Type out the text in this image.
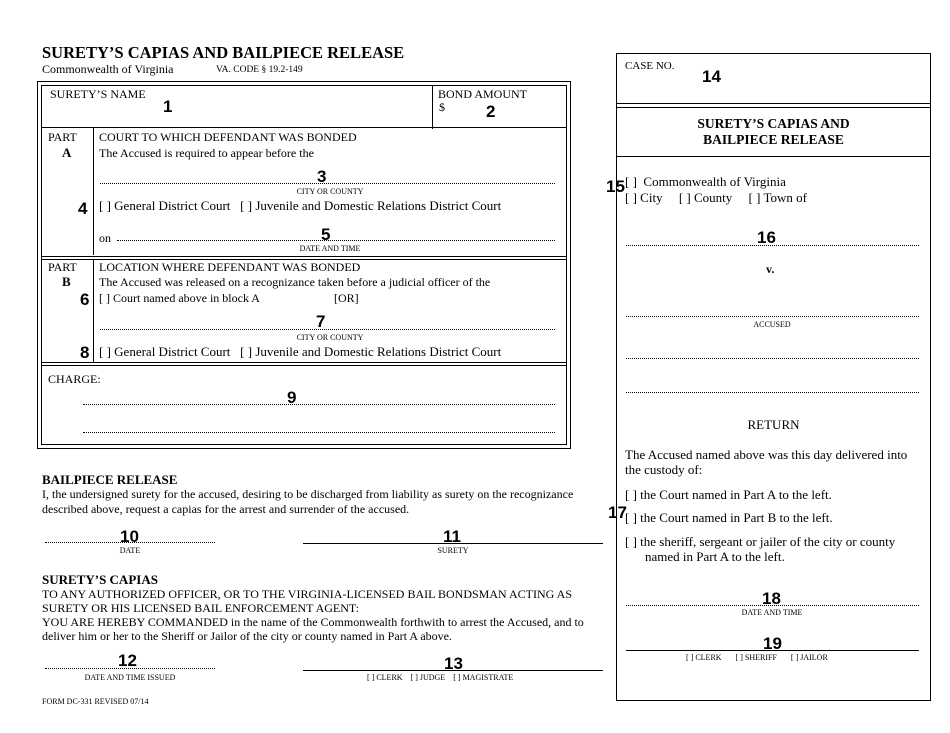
SURETY’S CAPIAS AND BAILPIECE RELEASE
Commonwealth of Virginia	VA. CODE § 19.2-149
SURETY’S NAME
1
BOND AMOUNT
$ 2
PART
A
COURT TO WHICH DEFENDANT WAS BONDED
The Accused is required to appear before the
3
CITY OR COUNTY
4 [ ] General District Court [ ] Juvenile and Domestic Relations District Court
on	5
DATE AND TIME
PART
B
LOCATION WHERE DEFENDANT WAS BONDED
The Accused was released on a recognizance taken before a judicial officer of the
6 [ ] Court named above in block A	[OR]
7
CITY OR COUNTY
8 [ ] General District Court [ ] Juvenile and Domestic Relations District Court
CHARGE:
9
BAILPIECE RELEASE
I, the undersigned surety for the accused, desiring to be discharged from liability as surety on the recognizance described above, request a capias for the arrest and surrender of the accused.
10
DATE
11
SURETY
SURETY’S CAPIAS
TO ANY AUTHORIZED OFFICER, OR TO THE VIRGINIA-LICENSED BAIL BONDSMAN ACTING AS SURETY OR HIS LICENSED BAIL ENFORCEMENT AGENT:
YOU ARE HEREBY COMMANDED in the name of the Commonwealth forthwith to arrest the Accused, and to deliver him or her to the Sheriff or Jailor of the city or county named in Part A above.
12
DATE AND TIME ISSUED
13
[ ] CLERK [ ] JUDGE [ ] MAGISTRATE
FORM DC-331 REVISED 07/14
CASE NO.
14
SURETY’S CAPIAS AND
BAILPIECE RELEASE
15 [ ]  Commonwealth of Virginia
[ ] City [ ] County [ ] Town of
16
v.
ACCUSED
RETURN
The Accused named above was this day delivered into the custody of:
[ ] the Court named in Part A to the left.
17
[ ] the Court named in Part B to the left.
[ ] the sheriff, sergeant or jailer of the city or county
named in Part A to the left.
18
DATE AND TIME
19
[ ] CLERK [ ] SHERIFF [ ] JAILOR
